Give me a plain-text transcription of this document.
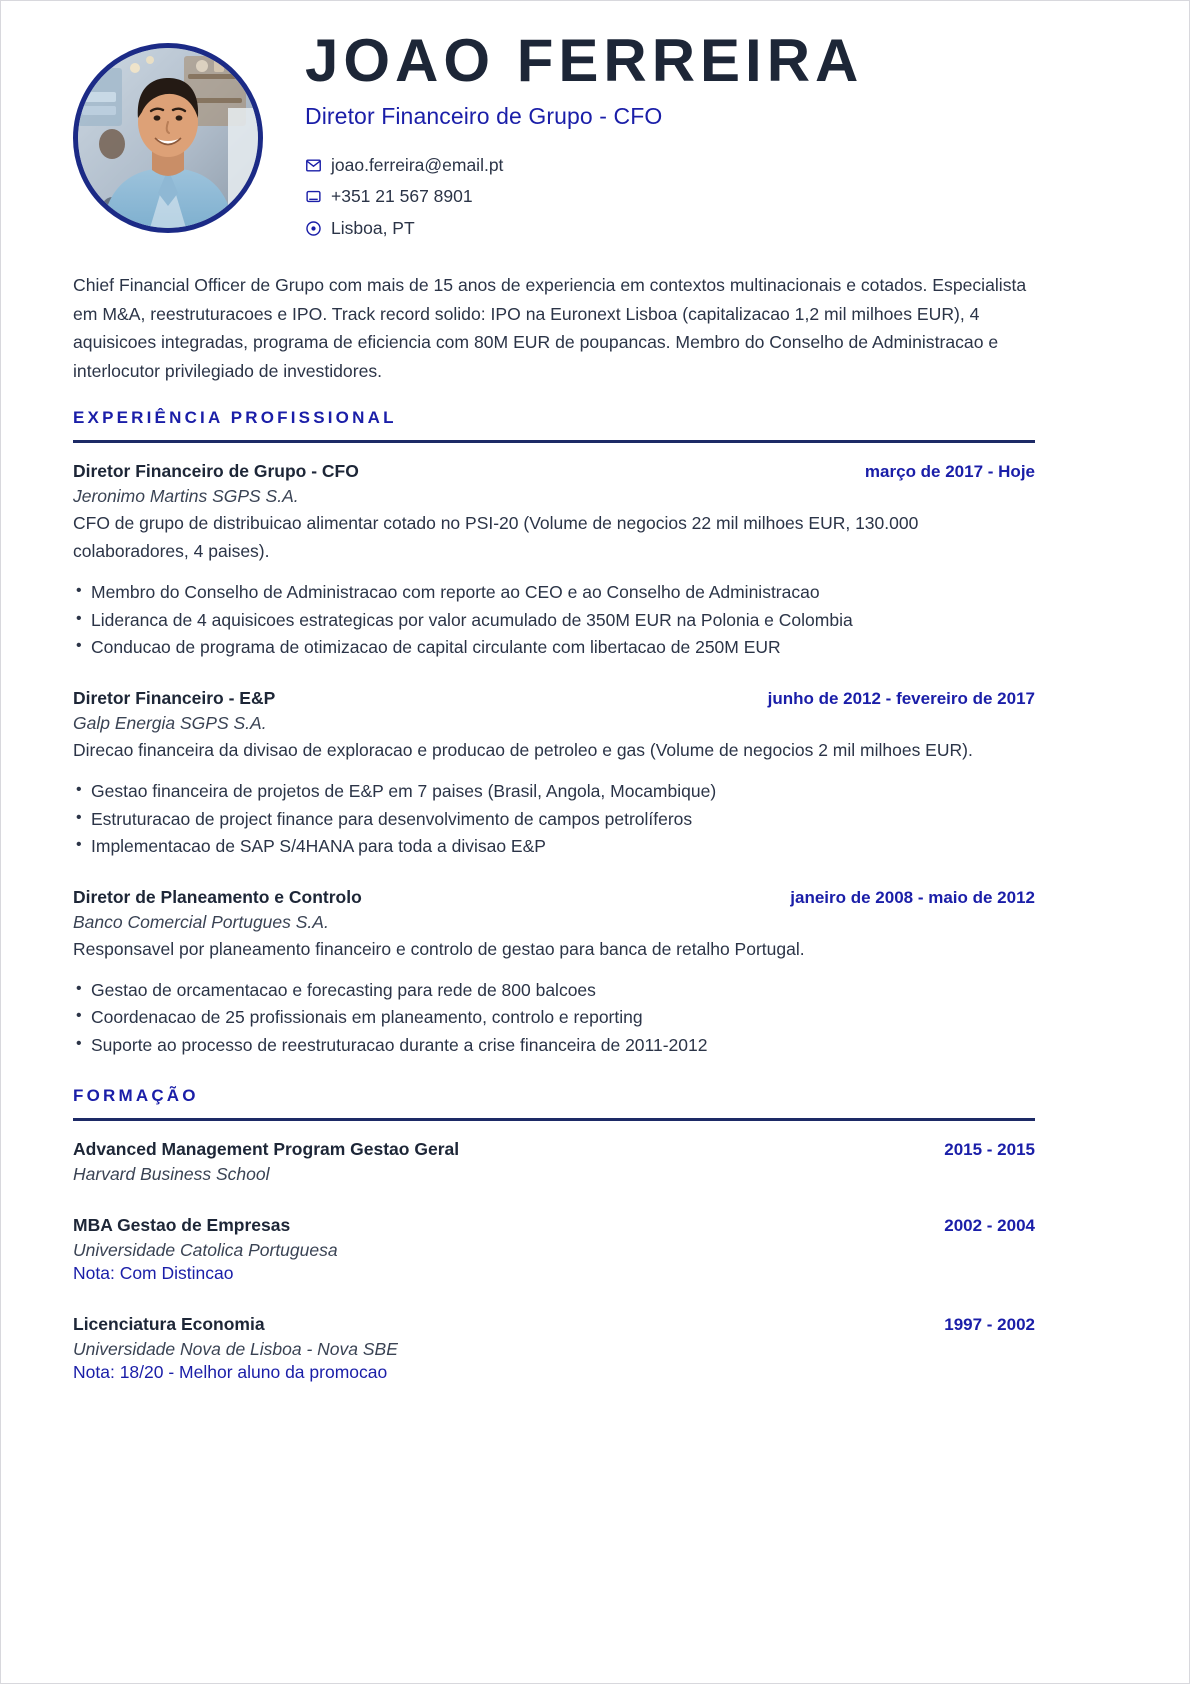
JOAO FERREIRA
Diretor Financeiro de Grupo - CFO
joao.ferreira@email.pt
+351 21 567 8901
Lisboa, PT
Chief Financial Officer de Grupo com mais de 15 anos de experiencia em contextos multinacionais e cotados. Especialista em M&A, reestruturacoes e IPO. Track record solido: IPO na Euronext Lisboa (capitalizacao 1,2 mil milhoes EUR), 4 aquisicoes integradas, programa de eficiencia com 80M EUR de poupancas. Membro do Conselho de Administracao e interlocutor privilegiado de investidores.
EXPERIÊNCIA PROFISSIONAL
Diretor Financeiro de Grupo - CFO	março de 2017 - Hoje
Jeronimo Martins SGPS S.A.
CFO de grupo de distribuicao alimentar cotado no PSI-20 (Volume de negocios 22 mil milhoes EUR, 130.000 colaboradores, 4 paises).
• Membro do Conselho de Administracao com reporte ao CEO e ao Conselho de Administracao
• Lideranca de 4 aquisicoes estrategicas por valor acumulado de 350M EUR na Polonia e Colombia
• Conducao de programa de otimizacao de capital circulante com libertacao de 250M EUR
Diretor Financeiro - E&P	junho de 2012 - fevereiro de 2017
Galp Energia SGPS S.A.
Direcao financeira da divisao de exploracao e producao de petroleo e gas (Volume de negocios 2 mil milhoes EUR).
• Gestao financeira de projetos de E&P em 7 paises (Brasil, Angola, Mocambique)
• Estruturacao de project finance para desenvolvimento de campos petrolíferos
• Implementacao de SAP S/4HANA para toda a divisao E&P
Diretor de Planeamento e Controlo	janeiro de 2008 - maio de 2012
Banco Comercial Portugues S.A.
Responsavel por planeamento financeiro e controlo de gestao para banca de retalho Portugal.
• Gestao de orcamentacao e forecasting para rede de 800 balcoes
• Coordenacao de 25 profissionais em planeamento, controlo e reporting
• Suporte ao processo de reestruturacao durante a crise financeira de 2011-2012
FORMAÇÃO
Advanced Management Program Gestao Geral	2015 - 2015
Harvard Business School
MBA Gestao de Empresas	2002 - 2004
Universidade Catolica Portuguesa
Nota: Com Distincao
Licenciatura Economia	1997 - 2002
Universidade Nova de Lisboa - Nova SBE
Nota: 18/20 - Melhor aluno da promocao
